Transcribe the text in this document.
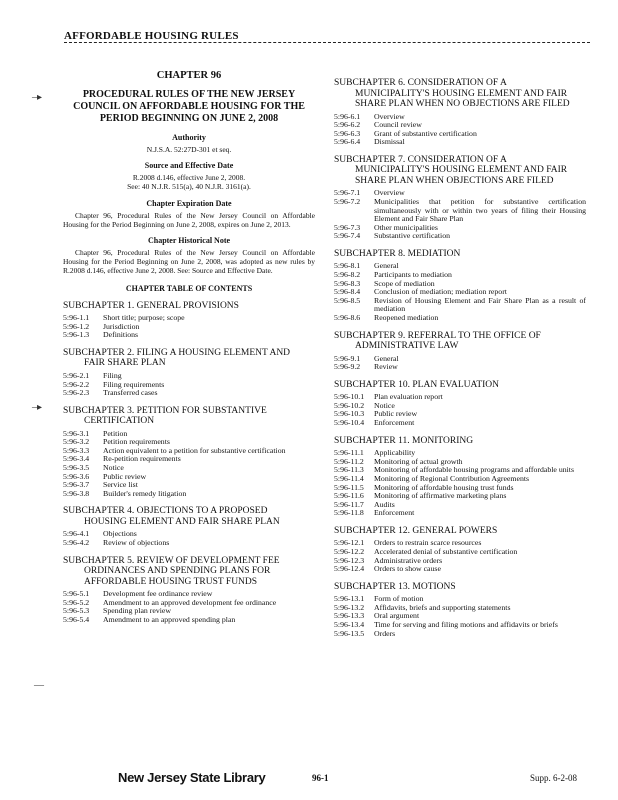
AFFORDABLE HOUSING RULES
–▸
–▸
—
CHAPTER 96
PROCEDURAL RULES OF THE NEW JERSEY COUNCIL ON AFFORDABLE HOUSING FOR THE PERIOD BEGINNING ON JUNE 2, 2008
Authority
N.J.S.A. 52:27D-301 et seq.
Source and Effective Date
R.2008 d.146, effective June 2, 2008.
See: 40 N.J.R. 515(a), 40 N.J.R. 3161(a).
Chapter Expiration Date

Chapter 96, Procedural Rules of the New Jersey Council on Affordable Housing for the Period Beginning on June 2, 2008, expires on June 2, 2013.

Chapter Historical Note

Chapter 96, Procedural Rules of the New Jersey Council on Affordable Housing for the Period Beginning on June 2, 2008, was adopted as new rules by R.2008 d.146, effective June 2, 2008. See: Source and Effective Date.

CHAPTER TABLE OF CONTENTS
SUBCHAPTER 1. GENERAL PROVISIONS
5:96-1.1	Short title; purpose; scope
5:96-1.2	Jurisdiction
5:96-1.3	Definitions
SUBCHAPTER 2. FILING A HOUSING ELEMENT AND

FAIR SHARE PLAN
5:96-2.1	Filing
5:96-2.2	Filing requirements
5:96-2.3	Transferred cases
SUBCHAPTER 3. PETITION FOR SUBSTANTIVE

CERTIFICATION
5:96-3.1	Petition
5:96-3.2	Petition requirements
5:96-3.3	Action equivalent to a petition for substantive certification
5:96-3.4	Re-petition requirements
5:96-3.5	Notice
5:96-3.6	Public review
5:96-3.7	Service list
5:96-3.8	Builder's remedy litigation
SUBCHAPTER 4. OBJECTIONS TO A PROPOSED

HOUSING ELEMENT AND FAIR SHARE PLAN
5:96-4.1	Objections
5:96-4.2	Review of objections
SUBCHAPTER 5. REVIEW OF DEVELOPMENT FEE

ORDINANCES AND SPENDING PLANS FOR
AFFORDABLE HOUSING TRUST FUNDS
5:96-5.1	Development fee ordinance review
5:96-5.2	Amendment to an approved development fee ordinance
5:96-5.3	Spending plan review
5:96-5.4	Amendment to an approved spending plan
SUBCHAPTER 6. CONSIDERATION OF A

MUNICIPALITY'S HOUSING ELEMENT AND FAIR
SHARE PLAN WHEN NO OBJECTIONS ARE FILED
5:96-6.1	Overview
5:96-6.2	Council review
5:96-6.3	Grant of substantive certification
5:96-6.4	Dismissal
SUBCHAPTER 7. CONSIDERATION OF A

MUNICIPALITY'S HOUSING ELEMENT AND FAIR
SHARE PLAN WHEN OBJECTIONS ARE FILED
5:96-7.1	Overview
5:96-7.2	Municipalities that petition for substantive certification simultaneously with or within two years of filing their Housing Element and Fair Share Plan
5:96-7.3	Other municipalities
5:96-7.4	Substantive certification
SUBCHAPTER 8. MEDIATION
5:96-8.1	General
5:96-8.2	Participants to mediation
5:96-8.3	Scope of mediation
5:96-8.4	Conclusion of mediation; mediation report
5:96-8.5	Revision of Housing Element and Fair Share Plan as a result of mediation
5:96-8.6	Reopened mediation
SUBCHAPTER 9. REFERRAL TO THE OFFICE OF

ADMINISTRATIVE LAW
5:96-9.1	General
5:96-9.2	Review
SUBCHAPTER 10. PLAN EVALUATION
5:96-10.1	Plan evaluation report
5:96-10.2	Notice
5:96-10.3	Public review
5:96-10.4	Enforcement
SUBCHAPTER 11. MONITORING
5:96-11.1	Applicability
5:96-11.2	Monitoring of actual growth
5:96-11.3	Monitoring of affordable housing programs and affordable units
5:96-11.4	Monitoring of Regional Contribution Agreements
5:96-11.5	Monitoring of affordable housing trust funds
5:96-11.6	Monitoring of affirmative marketing plans
5:96-11.7	Audits
5:96-11.8	Enforcement
SUBCHAPTER 12. GENERAL POWERS
5:96-12.1	Orders to restrain scarce resources
5:96-12.2	Accelerated denial of substantive certification
5:96-12.3	Administrative orders
5:96-12.4	Orders to show cause
SUBCHAPTER 13. MOTIONS
5:96-13.1	Form of motion
5:96-13.2	Affidavits, briefs and supporting statements
5:96-13.3	Oral argument
5:96-13.4	Time for serving and filing motions and affidavits or briefs
5:96-13.5	Orders
New Jersey State Library	96-1	Supp. 6-2-08
